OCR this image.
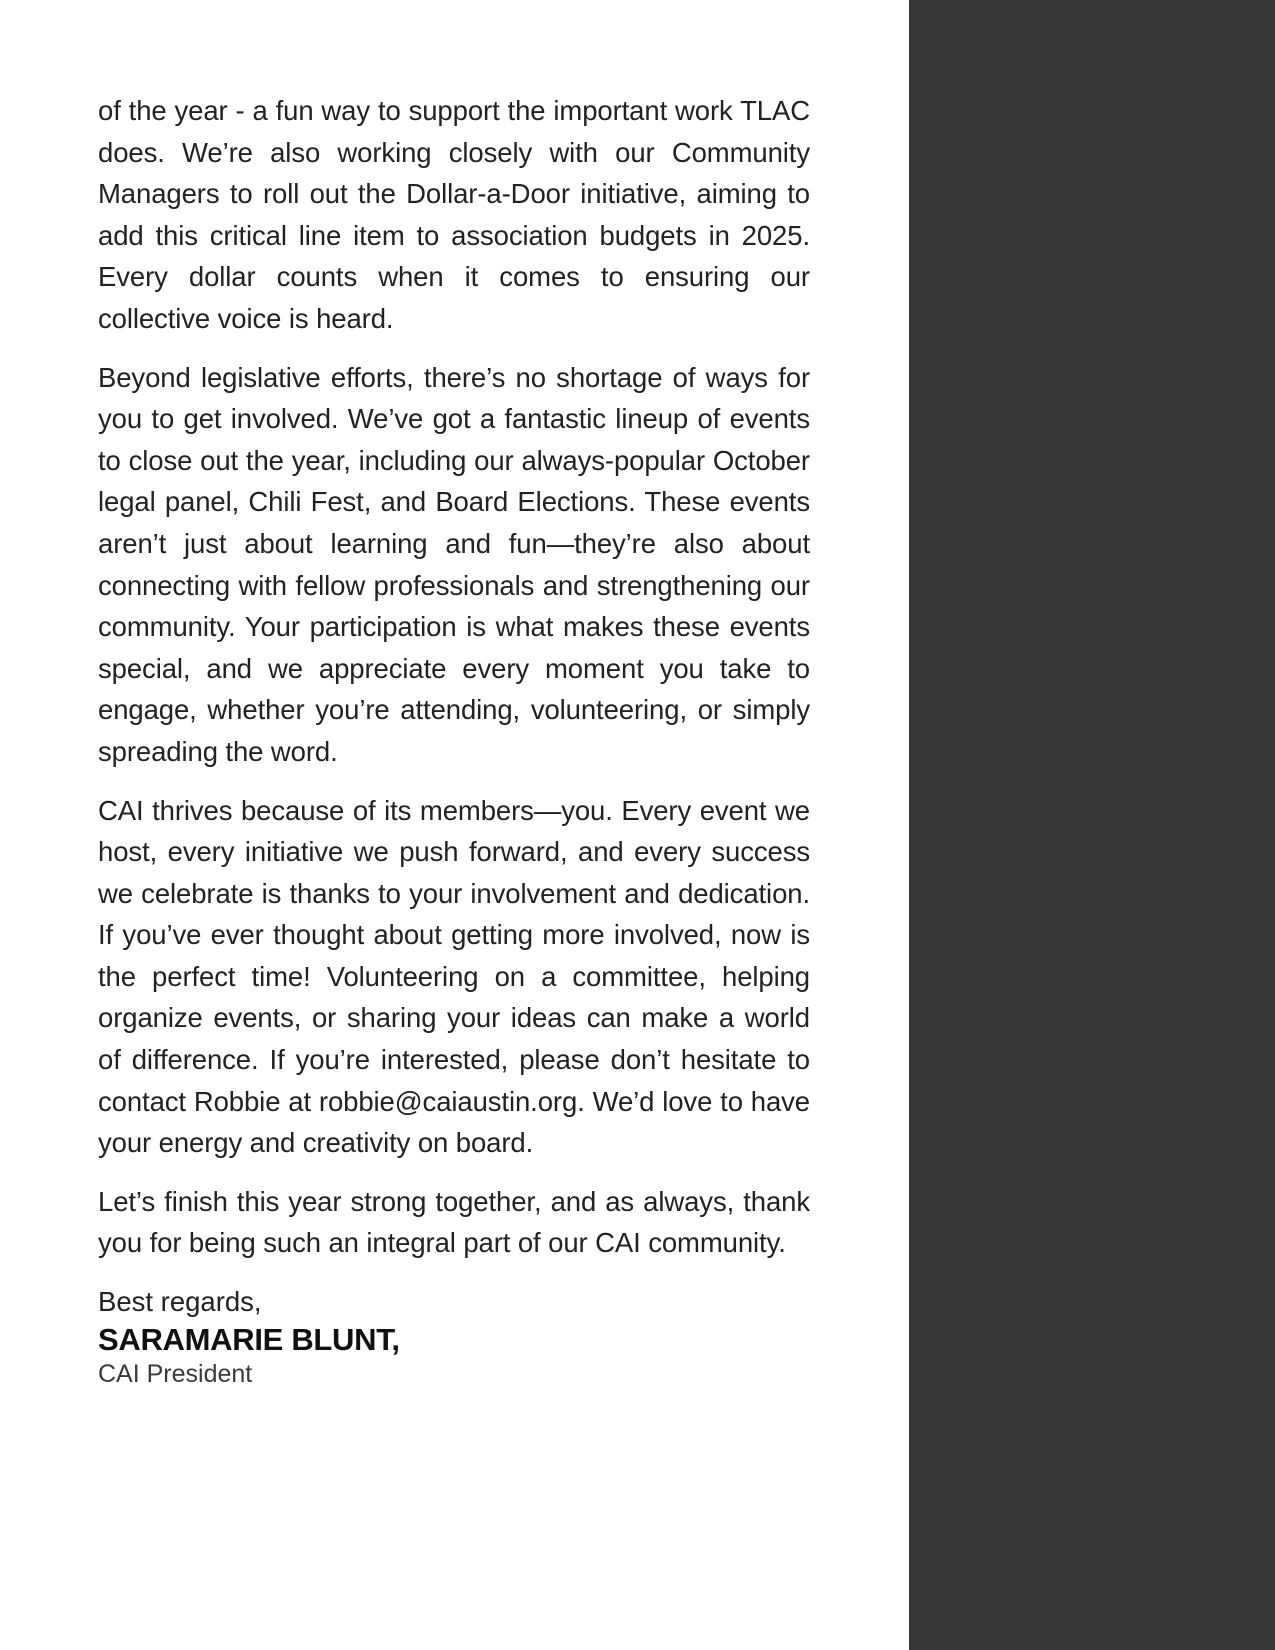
of the year - a fun way to support the important work TLAC does. We’re also working closely with our Community Managers to roll out the Dollar-a-Door initiative, aiming to add this critical line item to association budgets in 2025. Every dollar counts when it comes to ensuring our collective voice is heard.

Beyond legislative efforts, there’s no shortage of ways for you to get involved. We’ve got a fantastic lineup of events to close out the year, including our always-popular October legal panel, Chili Fest, and Board Elections. These events aren’t just about learning and fun—they’re also about connecting with fellow professionals and strengthening our community. Your participation is what makes these events special, and we appreciate every moment you take to engage, whether you’re attending, volunteering, or simply spreading the word.

CAI thrives because of its members—you. Every event we host, every initiative we push forward, and every success we celebrate is thanks to your involvement and dedication. If you’ve ever thought about getting more involved, now is the perfect time! Volunteering on a committee, helping organize events, or sharing your ideas can make a world of difference. If you’re interested, please don’t hesitate to contact Robbie at robbie@caiaustin.org. We’d love to have your energy and creativity on board.

Let’s finish this year strong together, and as always, thank you for being such an integral part of our CAI community.

Best regards,

SARAMARIE BLUNT,

CAI President
